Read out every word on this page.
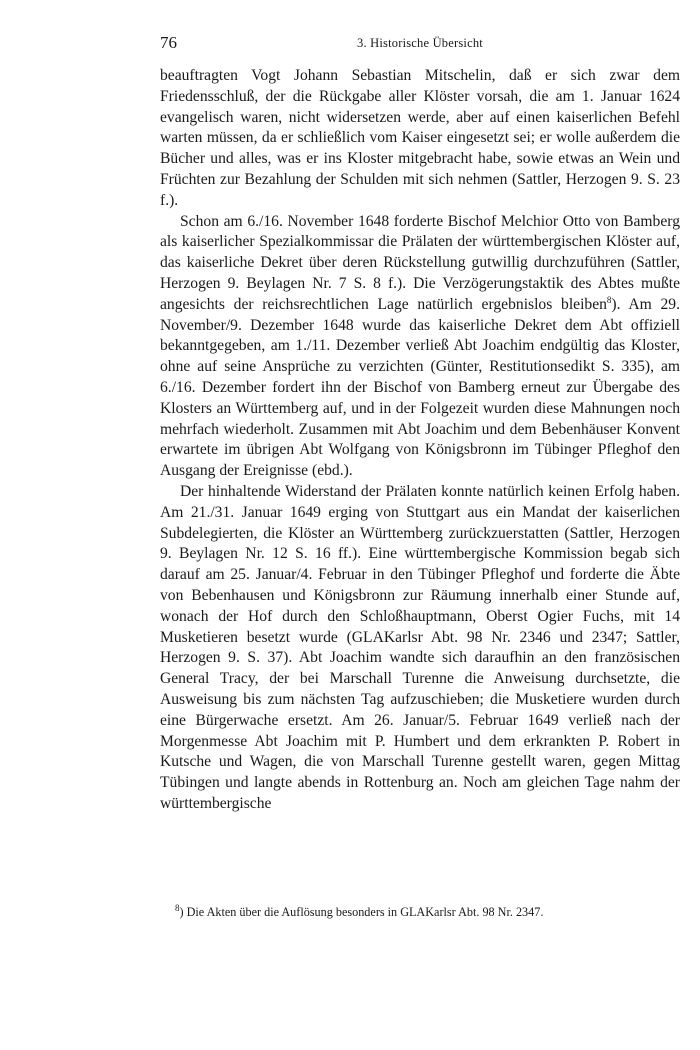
76	3. Historische Übersicht

beauftragten Vogt Johann Sebastian Mitschelin, daß er sich zwar dem Friedensschluß, der die Rückgabe aller Klöster vorsah, die am 1. Januar 1624 evangelisch waren, nicht widersetzen werde, aber auf einen kaiserlichen Befehl warten müssen, da er schließlich vom Kaiser eingesetzt sei; er wolle außerdem die Bücher und alles, was er ins Kloster mitgebracht habe, sowie etwas an Wein und Früchten zur Bezahlung der Schulden mit sich nehmen (Sattler, Herzogen 9. S. 23 f.).

Schon am 6./16. November 1648 forderte Bischof Melchior Otto von Bamberg als kaiserlicher Spezialkommissar die Prälaten der württembergischen Klöster auf, das kaiserliche Dekret über deren Rückstellung gutwillig durchzuführen (Sattler, Herzogen 9. Beylagen Nr. 7 S. 8 f.). Die Verzögerungstaktik des Abtes mußte angesichts der reichsrechtlichen Lage natürlich ergebnislos bleiben$^8$). Am 29. November/9. Dezember 1648 wurde das kaiserliche Dekret dem Abt offiziell bekanntgegeben, am 1./11. Dezember verließ Abt Joachim endgültig das Kloster, ohne auf seine Ansprüche zu verzichten (Günter, Restitutionsedikt S. 335), am 6./16. Dezember fordert ihn der Bischof von Bamberg erneut zur Übergabe des Klosters an Württemberg auf, und in der Folgezeit wurden diese Mahnungen noch mehrfach wiederholt. Zusammen mit Abt Joachim und dem Bebenhäuser Konvent erwartete im übrigen Abt Wolfgang von Königsbronn im Tübinger Pfleghof den Ausgang der Ereignisse (ebd.).

Der hinhaltende Widerstand der Prälaten konnte natürlich keinen Erfolg haben. Am 21./31. Januar 1649 erging von Stuttgart aus ein Mandat der kaiserlichen Subdelegierten, die Klöster an Württemberg zurückzuerstatten (Sattler, Herzogen 9. Beylagen Nr. 12 S. 16 ff.). Eine württembergische Kommission begab sich darauf am 25. Januar/4. Februar in den Tübinger Pfleghof und forderte die Äbte von Bebenhausen und Königsbronn zur Räumung innerhalb einer Stunde auf, wonach der Hof durch den Schloßhauptmann, Oberst Ogier Fuchs, mit 14 Musketieren besetzt wurde (GLAKarlsr Abt. 98 Nr. 2346 und 2347; Sattler, Herzogen 9. S. 37). Abt Joachim wandte sich daraufhin an den französischen General Tracy, der bei Marschall Turenne die Anweisung durchsetzte, die Ausweisung bis zum nächsten Tag aufzuschieben; die Musketiere wurden durch eine Bürgerwache ersetzt. Am 26. Januar/5. Februar 1649 verließ nach der Morgenmesse Abt Joachim mit P. Humbert und dem erkrankten P. Robert in Kutsche und Wagen, die von Marschall Turenne gestellt waren, gegen Mittag Tübingen und langte abends in Rottenburg an. Noch am gleichen Tage nahm der württembergische

$^8$) Die Akten über die Auflösung besonders in GLAKarlsr Abt. 98 Nr. 2347.
